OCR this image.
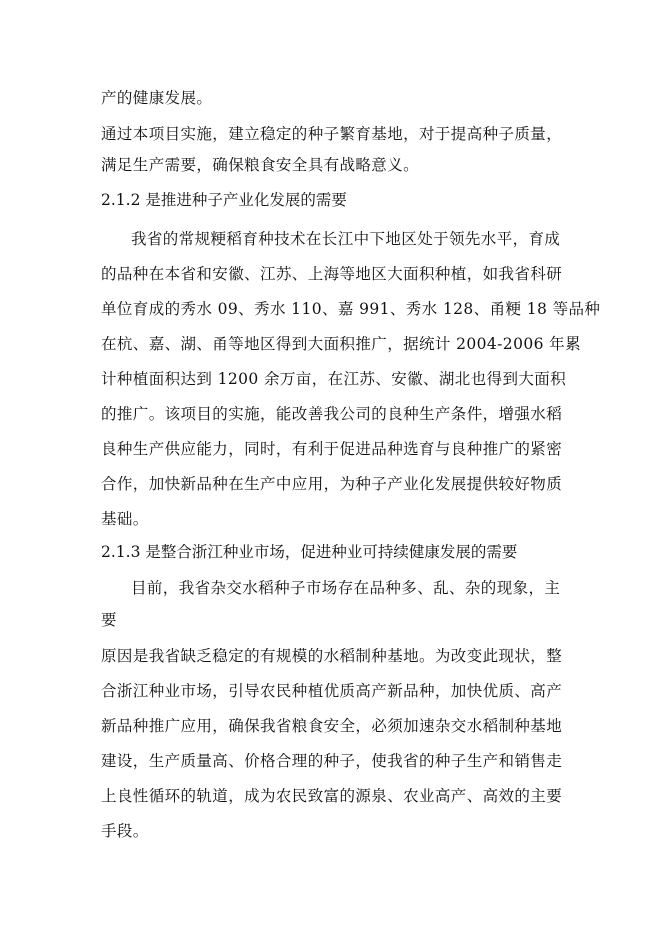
产的健康发展。
通过本项目实施，建立稳定的种子繁育基地，对于提高种子质量，
满足生产需要，确保粮食安全具有战略意义。
2.1.2 是推进种子产业化发展的需要
我省的常规粳稻育种技术在长江中下地区处于领先水平，育成
的品种在本省和安徽、江苏、上海等地区大面积种植，如我省科研
单位育成的秀水 09、秀水 110、嘉 991、秀水 128、甬粳 18 等品种
在杭、嘉、湖、甬等地区得到大面积推广，据统计 2004-2006 年累
计种植面积达到 1200 余万亩，在江苏、安徽、湖北也得到大面积
的推广。该项目的实施，能改善我公司的良种生产条件，增强水稻
良种生产供应能力，同时，有利于促进品种选育与良种推广的紧密
合作，加快新品种在生产中应用，为种子产业化发展提供较好物质
基础。
2.1.3 是整合浙江种业市场，促进种业可持续健康发展的需要
目前，我省杂交水稻种子市场存在品种多、乱、杂的现象，主
要
原因是我省缺乏稳定的有规模的水稻制种基地。为改变此现状，整
合浙江种业市场，引导农民种植优质高产新品种，加快优质、高产
新品种推广应用，确保我省粮食安全，必须加速杂交水稻制种基地
建设，生产质量高、价格合理的种子，使我省的种子生产和销售走
上良性循环的轨道，成为农民致富的源泉、农业高产、高效的主要
手段。
